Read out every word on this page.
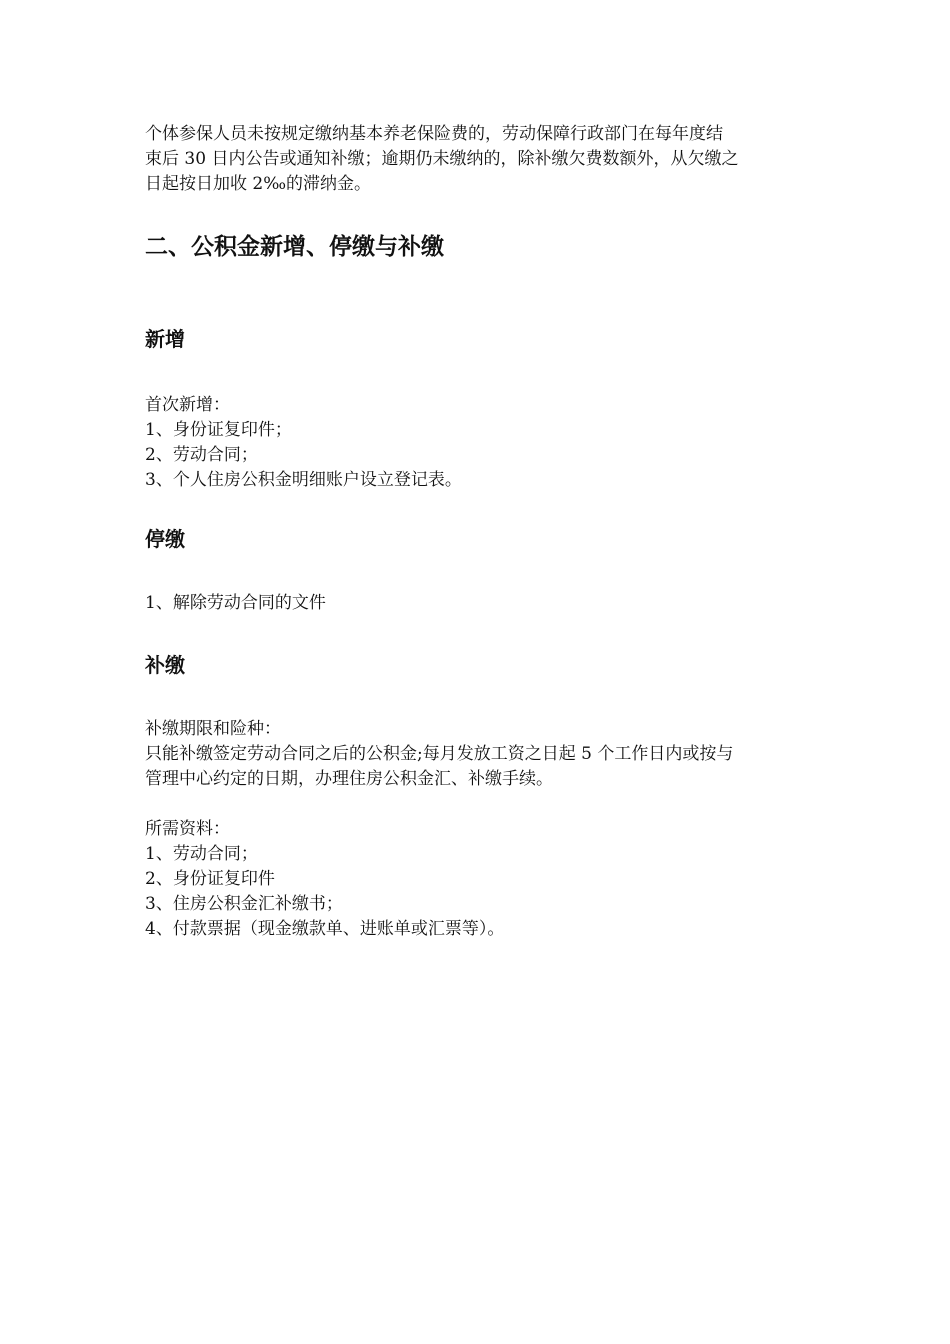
个体参保人员未按规定缴纳基本养老保险费的，劳动保障行政部门在每年度结
束后 30 日内公告或通知补缴；逾期仍未缴纳的，除补缴欠费数额外，从欠缴之
日起按日加收 2‰的滞纳金。

二、公积金新增、停缴与补缴
新增
首次新增：
1、身份证复印件；
2、劳动合同；
3、个人住房公积金明细账户设立登记表。
停缴
1、解除劳动合同的文件
补缴
补缴期限和险种：
只能补缴签定劳动合同之后的公积金;每月发放工资之日起 5 个工作日内或按与
管理中心约定的日期，办理住房公积金汇、补缴手续。
所需资料：
1、劳动合同；
2、身份证复印件
3、住房公积金汇补缴书；
4、付款票据（现金缴款单、进账单或汇票等）。
